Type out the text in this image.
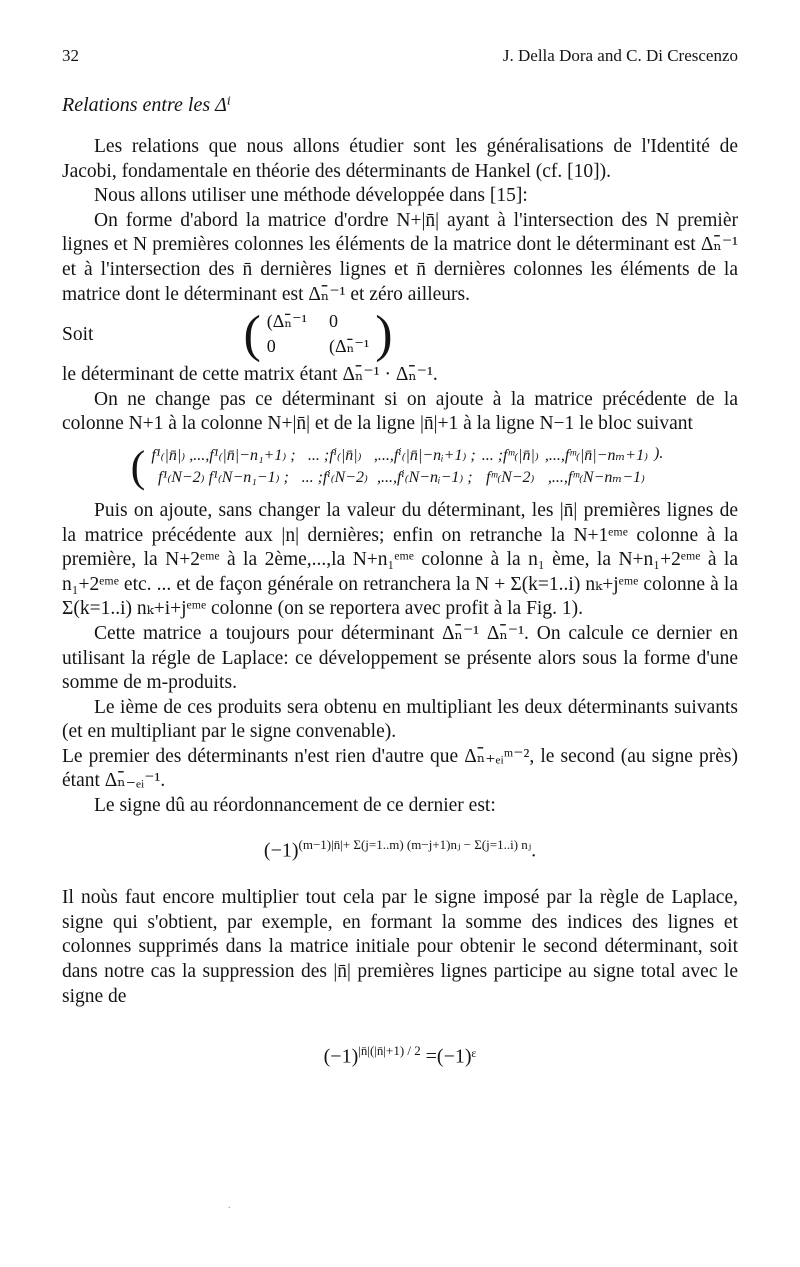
32	J. Della Dora and C. Di Crescenzo
Relations entre les Δⁱ

Les relations que nous allons étudier sont les généralisations de l'Identité de Jacobi, fondamentale en théorie des déterminants de Hankel (cf. [10]).

Nous allons utiliser une méthode développée dans [15]:

On forme d'abord la matrice d'ordre N+|n̄| ayant à l'intersection des N premièr lignes et N premières colonnes les éléments de la matrice dont le déterminant est Δₙ̄⁻¹ et à l'intersection des n̄ dernières lignes et n̄ dernières colonnes les éléments de la matrice dont le déterminant est Δₙ̄⁻¹ et zéro ailleurs.

Soit	( (Δₙ̄⁻¹ 0
0	(Δₙ̄⁻¹ )

le déterminant de cette matrix étant Δₙ̄⁻¹ · Δₙ̄⁻¹.

On ne change pas ce déterminant si on ajoute à la matrice précédente de la colonne N+1 à la colonne N+|n̄| et de la ligne |n̄|+1 à la ligne N−1 le bloc suivant

( f¹₍|n̄|₎ ,...,f¹₍|n̄|−n₁+1₎ ; ... ;fⁱ₍|n̄|₎ ,...,fⁱ₍|n̄|−nᵢ+1₎ ; ... ;fᵐ₍|n̄|₎ ,...,fᵐ₍|n̄|−nₘ+1₎ ).
f¹₍N−2₎ f¹₍N−n₁−1₎ ; ... ;fⁱ₍N−2₎ ,...,fⁱ₍N−nᵢ−1₎ ; fᵐ₍N−2₎ ,...,fᵐ₍N−nₘ−1₎

Puis on ajoute, sans changer la valeur du déterminant, les |n̄| premières lignes de la matrice précédente aux |n| dernières; enfin on retranche la N+1ᵉᵐᵉ colonne à la première, la N+2ᵉᵐᵉ à la 2ème,...,la N+n₁ᵉᵐᵉ colonne à la n₁ ème, la N+n₁+2ᵉᵐᵉ à la n₁+2ᵉᵐᵉ etc. ... et de façon générale on retranchera la N + Σ(k=1..i) nₖ+jᵉᵐᵉ colonne à la Σ(k=1..i) nₖ+i+jᵉᵐᵉ colonne (on se reportera avec profit à la Fig. 1).

Cette matrice a toujours pour déterminant Δₙ̄⁻¹ Δₙ̄⁻¹. On calcule ce dernier en utilisant la régle de Laplace: ce développement se présente alors sous la forme d'une somme de m-produits.

Le ième de ces produits sera obtenu en multipliant les deux déterminants suivants (et en multipliant par le signe convenable).

Le premier des déterminants n'est rien d'autre que Δₙ̄₊ₑᵢᵐ⁻², le second (au signe près) étant Δₙ̄₋ₑᵢ⁻¹.

Le signe dû au réordonnancement de ce dernier est:

$(-1)^{(m-1)|n̄|+ \Sigma(j=1..m) (m-j+1)nⱼ - \Sigma(j=1..i) nⱼ}$.

Il noùs faut encore multiplier tout cela par le signe imposé par la règle de Laplace, signe qui s'obtient, par exemple, en formant la somme des indices des lignes et colonnes supprimés dans la matrice initiale pour obtenir le second déterminant, soit dans notre cas la suppression des |n̄| premières lignes participe au signe total avec le signe de

$(-1)^{|n̄|(|n̄|+1) / 2}$ =(−1)ᵋ
.
